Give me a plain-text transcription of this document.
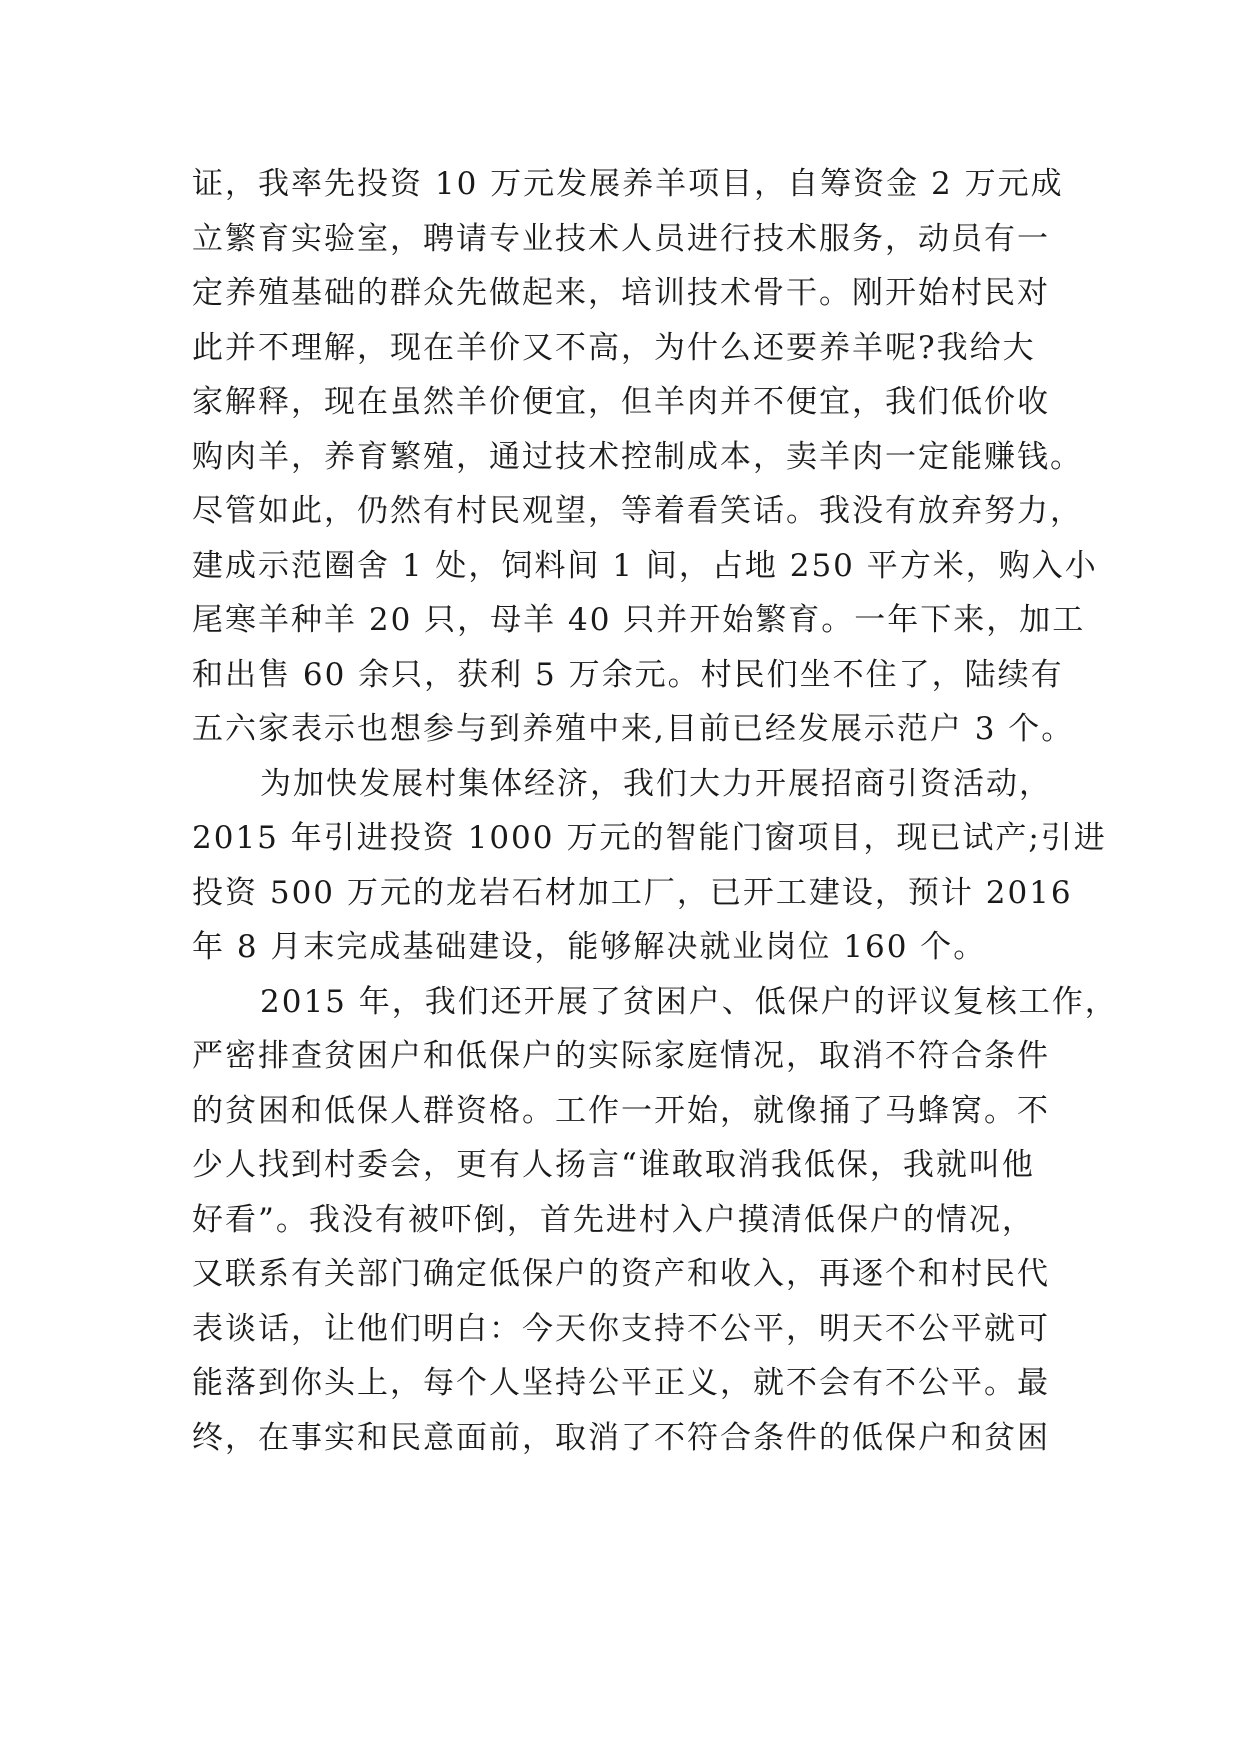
证，我率先投资 10 万元发展养羊项目，自筹资金 2 万元成
立繁育实验室，聘请专业技术人员进行技术服务，动员有一
定养殖基础的群众先做起来，培训技术骨干。刚开始村民对
此并不理解，现在羊价又不高，为什么还要养羊呢?我给大
家解释，现在虽然羊价便宜，但羊肉并不便宜，我们低价收
购肉羊，养育繁殖，通过技术控制成本，卖羊肉一定能赚钱。
尽管如此，仍然有村民观望，等着看笑话。我没有放弃努力，
建成示范圈舍 1 处，饲料间 1 间，占地 250 平方米，购入小
尾寒羊种羊 20 只，母羊 40 只并开始繁育。一年下来，加工
和出售 60 余只，获利 5 万余元。村民们坐不住了，陆续有
五六家表示也想参与到养殖中来,目前已经发展示范户 3 个。
为加快发展村集体经济，我们大力开展招商引资活动，
2015 年引进投资 1000 万元的智能门窗项目，现已试产;引进
投资 500 万元的龙岩石材加工厂，已开工建设，预计 2016
年 8 月末完成基础建设，能够解决就业岗位 160 个。
2015 年，我们还开展了贫困户、低保户的评议复核工作，
严密排查贫困户和低保户的实际家庭情况，取消不符合条件
的贫困和低保人群资格。工作一开始，就像捅了马蜂窝。不
少人找到村委会，更有人扬言“谁敢取消我低保，我就叫他
好看”。我没有被吓倒，首先进村入户摸清低保户的情况，
又联系有关部门确定低保户的资产和收入，再逐个和村民代
表谈话，让他们明白：今天你支持不公平，明天不公平就可
能落到你头上，每个人坚持公平正义，就不会有不公平。最
终，在事实和民意面前，取消了不符合条件的低保户和贫困
